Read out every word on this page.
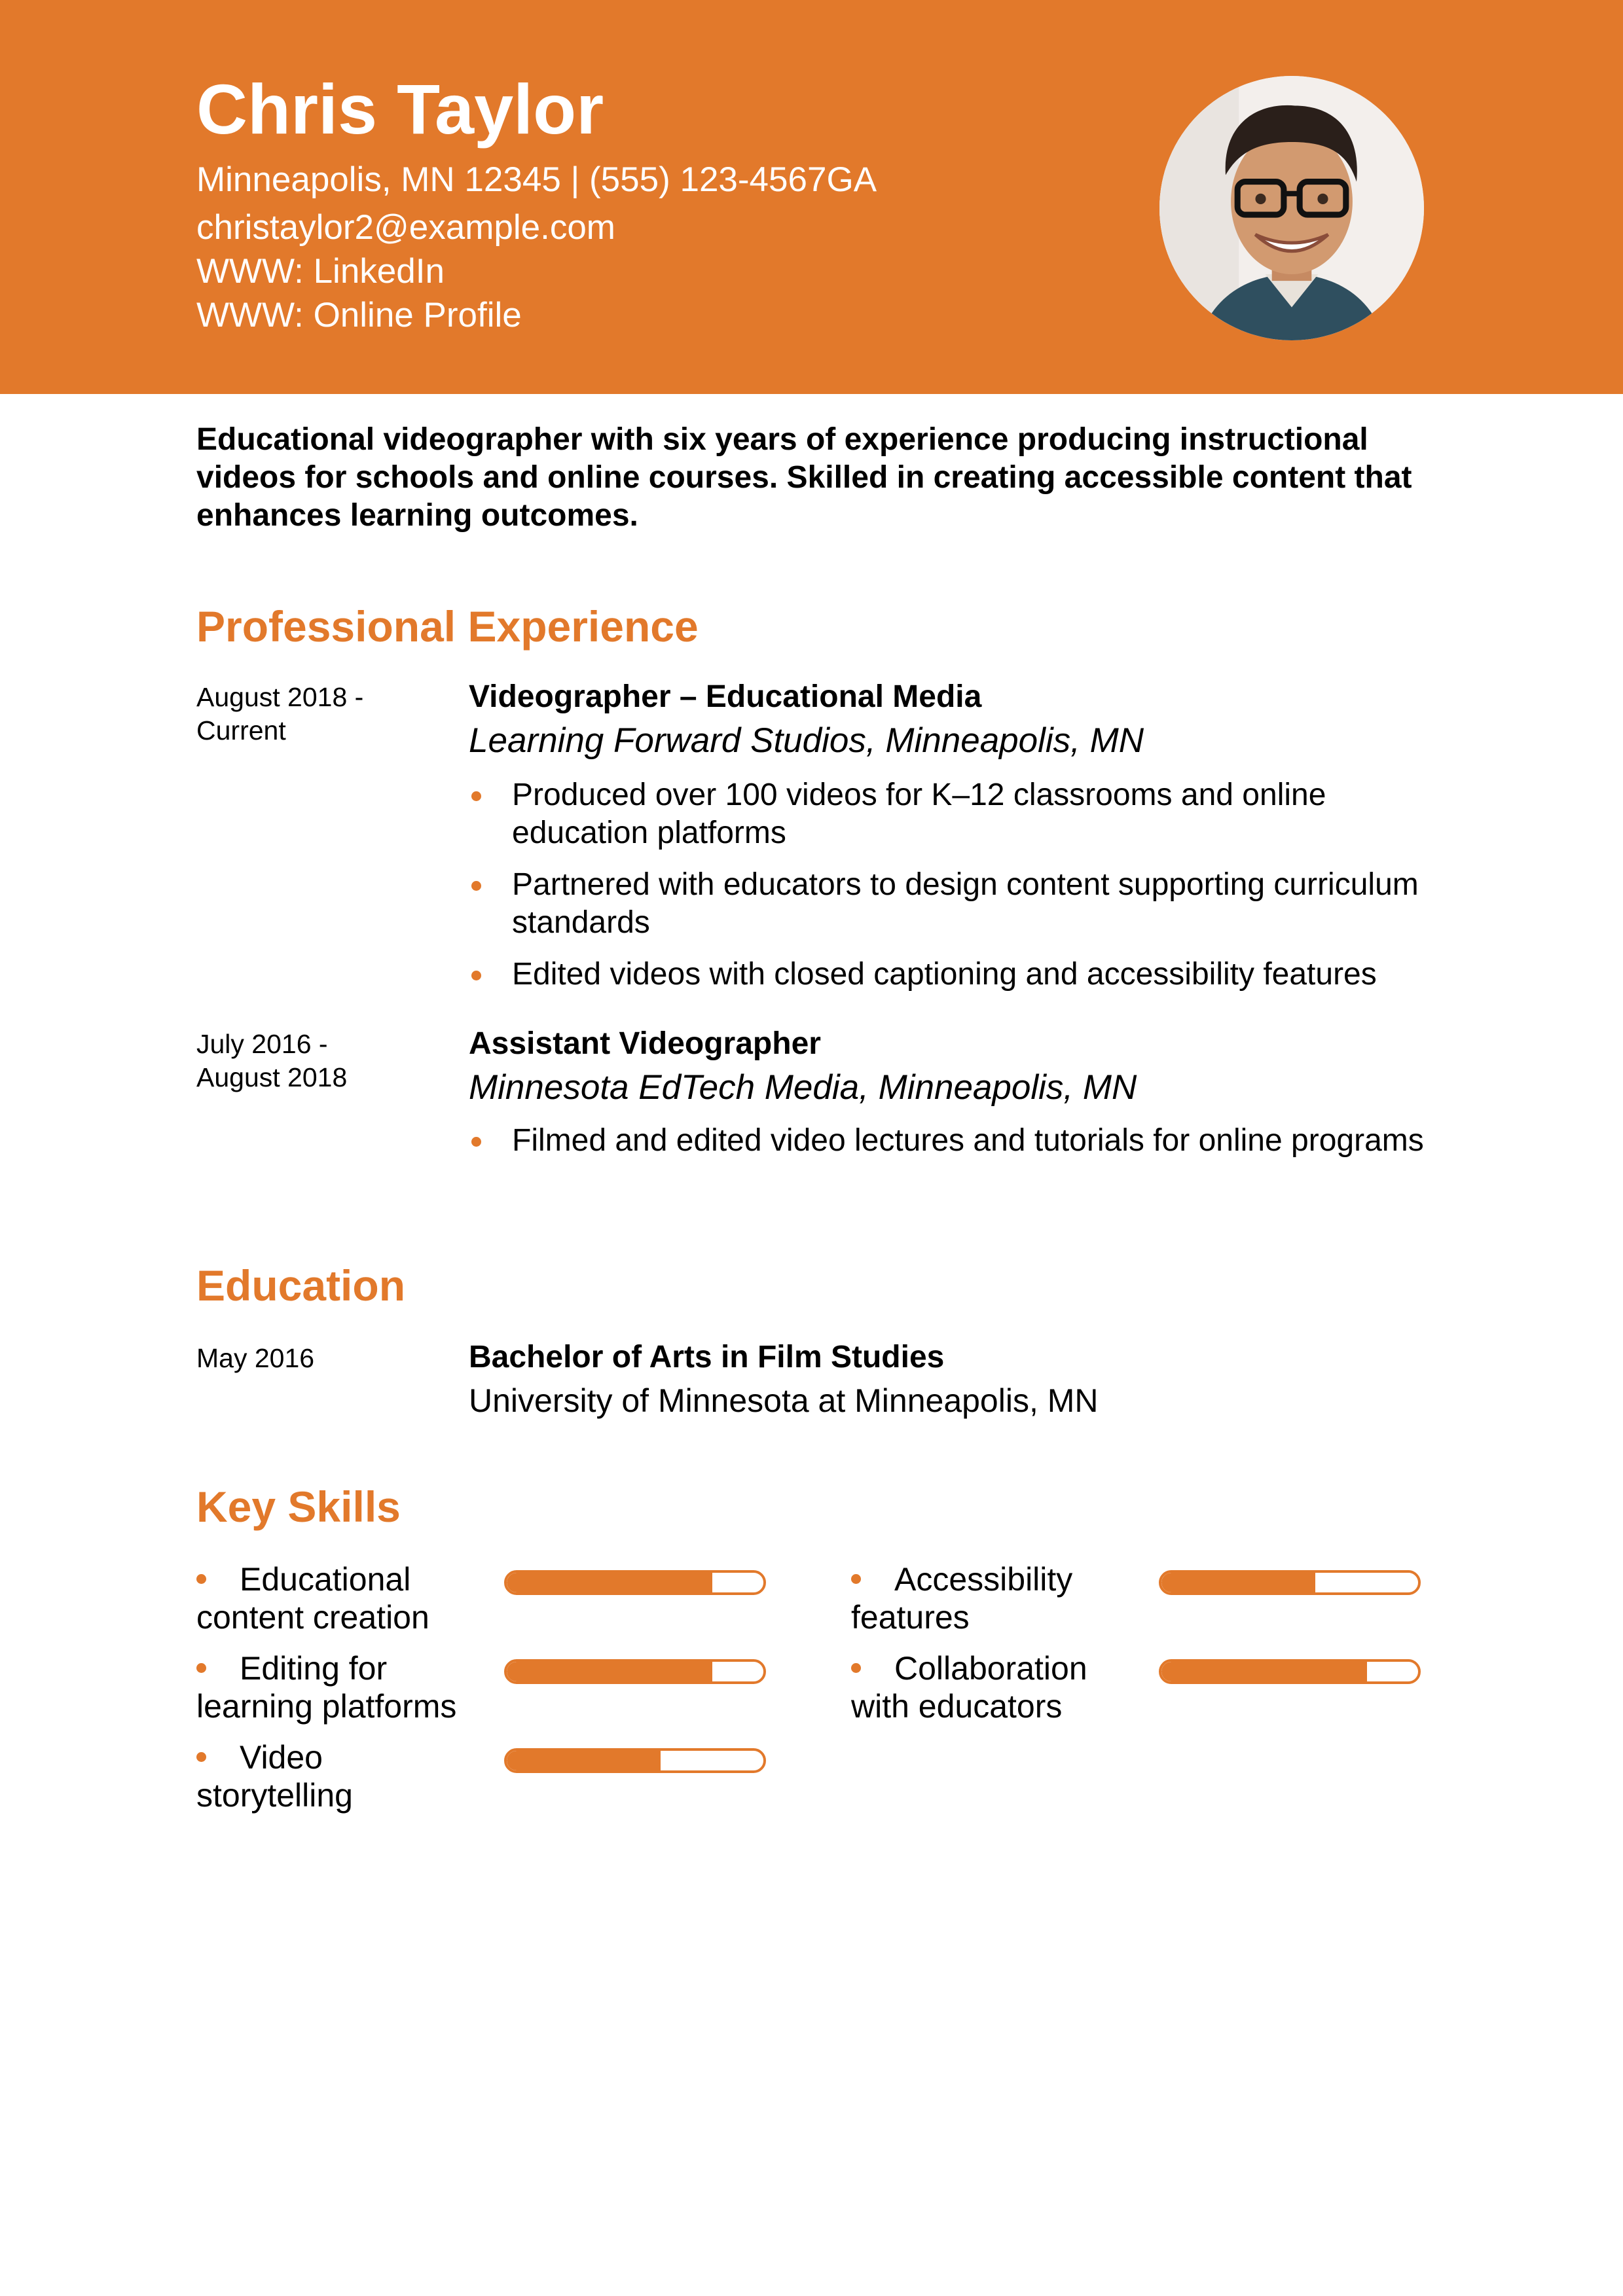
Chris Taylor
Minneapolis, MN 12345 | (555) 123-4567GA
christaylor2@example.com
WWW: LinkedIn
WWW: Online Profile
Educational videographer with six years of experience producing instructional videos for schools and online courses. Skilled in creating accessible content that enhances learning outcomes.
Professional Experience
August 2018 -
Current
Videographer – Educational Media
Learning Forward Studios, Minneapolis, MN
Produced over 100 videos for K–12 classrooms and online education platforms
Partnered with educators to design content supporting curriculum standards
Edited videos with closed captioning and accessibility features
July 2016 -
August 2018
Assistant Videographer
Minnesota EdTech Media, Minneapolis, MN
Filmed and edited video lectures and tutorials for online programs
Education
May 2016	Bachelor of Arts in Film Studies
University of Minnesota at Minneapolis, MN
Key Skills
Educational
content creation
Accessibility
features
Editing for
learning platforms
Collaboration
with educators
Video
storytelling
